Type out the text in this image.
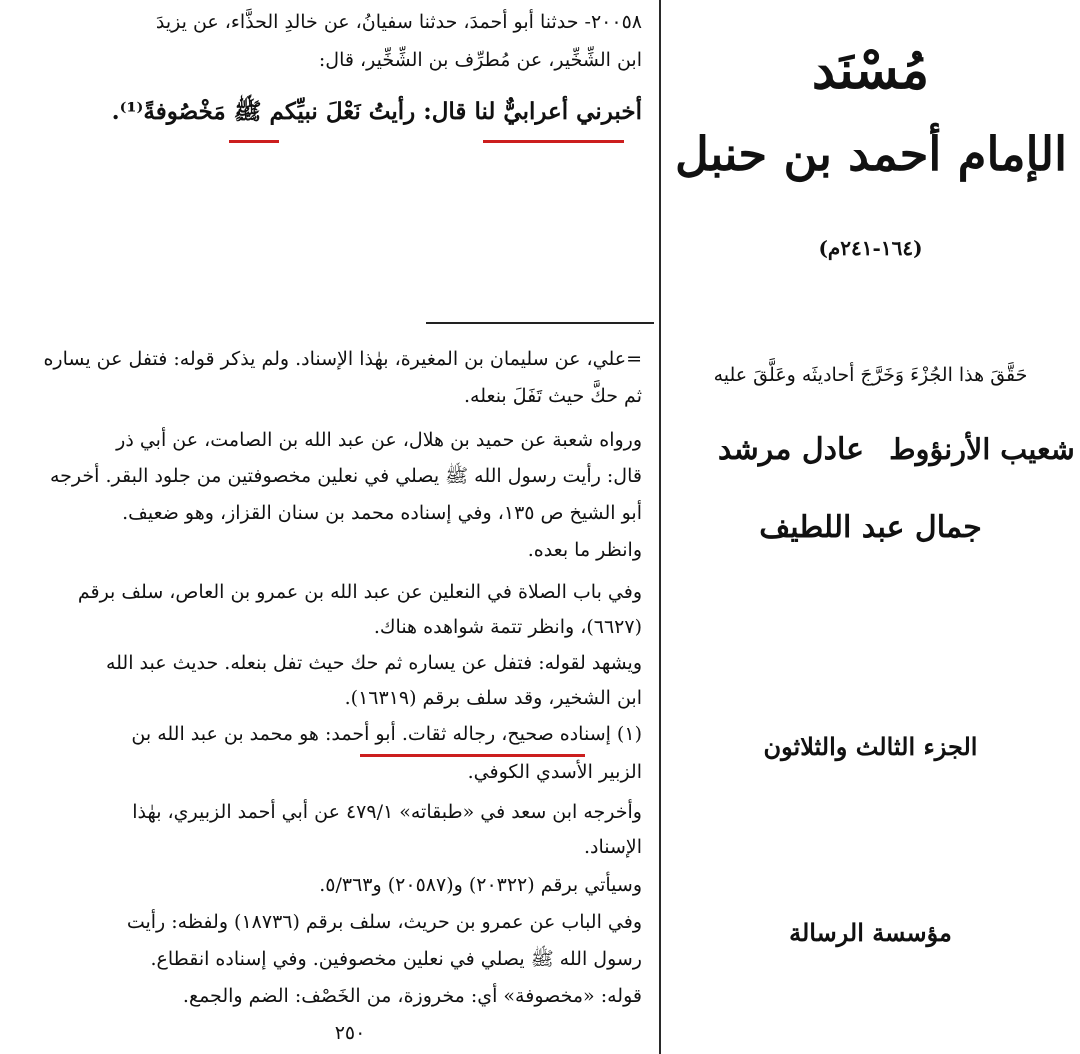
٢٠٠٥٨- حدثنا أبو أحمدَ، حدثنا سفيانُ، عن خالدِ الحذَّاء، عن يزيدَ
ابن الشِّخِّير، عن مُطرِّف بن الشِّخِّير، قال:
أخبرني أعرابيٌّ لنا قال: رأيتُ نَعْلَ نبيِّكم ﷺ مَخْصُوفةً⁽¹⁾.
=علي، عن سليمان بن المغيرة، بهٰذا الإسناد. ولم يذكر قوله: فتفل عن يساره
ثم حكَّ حيث تَفَلَ بنعله.
ورواه شعبة عن حميد بن هلال، عن عبد الله بن الصامت، عن أبي ذر
قال: رأيت رسول الله ﷺ يصلي في نعلين مخصوفتين من جلود البقر. أخرجه
أبو الشيخ ص ١٣٥، وفي إسناده محمد بن سنان القزاز، وهو ضعيف.
وانظر ما بعده.
وفي باب الصلاة في النعلين عن عبد الله بن عمرو بن العاص، سلف برقم
(٦٦٢٧)، وانظر تتمة شواهده هناك.
ويشهد لقوله: فتفل عن يساره ثم حك حيث تفل بنعله. حديث عبد الله
ابن الشخير، وقد سلف برقم (١٦٣١٩).
(١) إسناده صحيح، رجاله ثقات. أبو أحمد: هو محمد بن عبد الله بن
الزبير الأسدي الكوفي.
وأخرجه ابن سعد في «طبقاته» ٤٧٩/١ عن أبي أحمد الزبيري، بهٰذا
الإسناد.
وسيأتي برقم (٢٠٣٢٢) و(٢٠٥٨٧) و٥/٣٦٣.
وفي الباب عن عمرو بن حريث، سلف برقم (١٨٧٣٦) ولفظه: رأيت
رسول الله ﷺ يصلي في نعلين مخصوفين. وفي إسناده انقطاع.
قوله: «مخصوفة» أي: مخروزة، من الخَصْف: الضم والجمع.
٢٥٠
مُسْنَد
الإمام أحمد بن حنبل
(١٦٤-٢٤١م)
حَقَّقَ هذا الجُزْءَ وَخَرَّجَ أحاديثَه وعَلَّقَ عليه
شعيب الأرنؤوط
عادل مرشد
جمال عبد اللطيف
الجزء الثالث والثلاثون
مؤسسة الرسالة
